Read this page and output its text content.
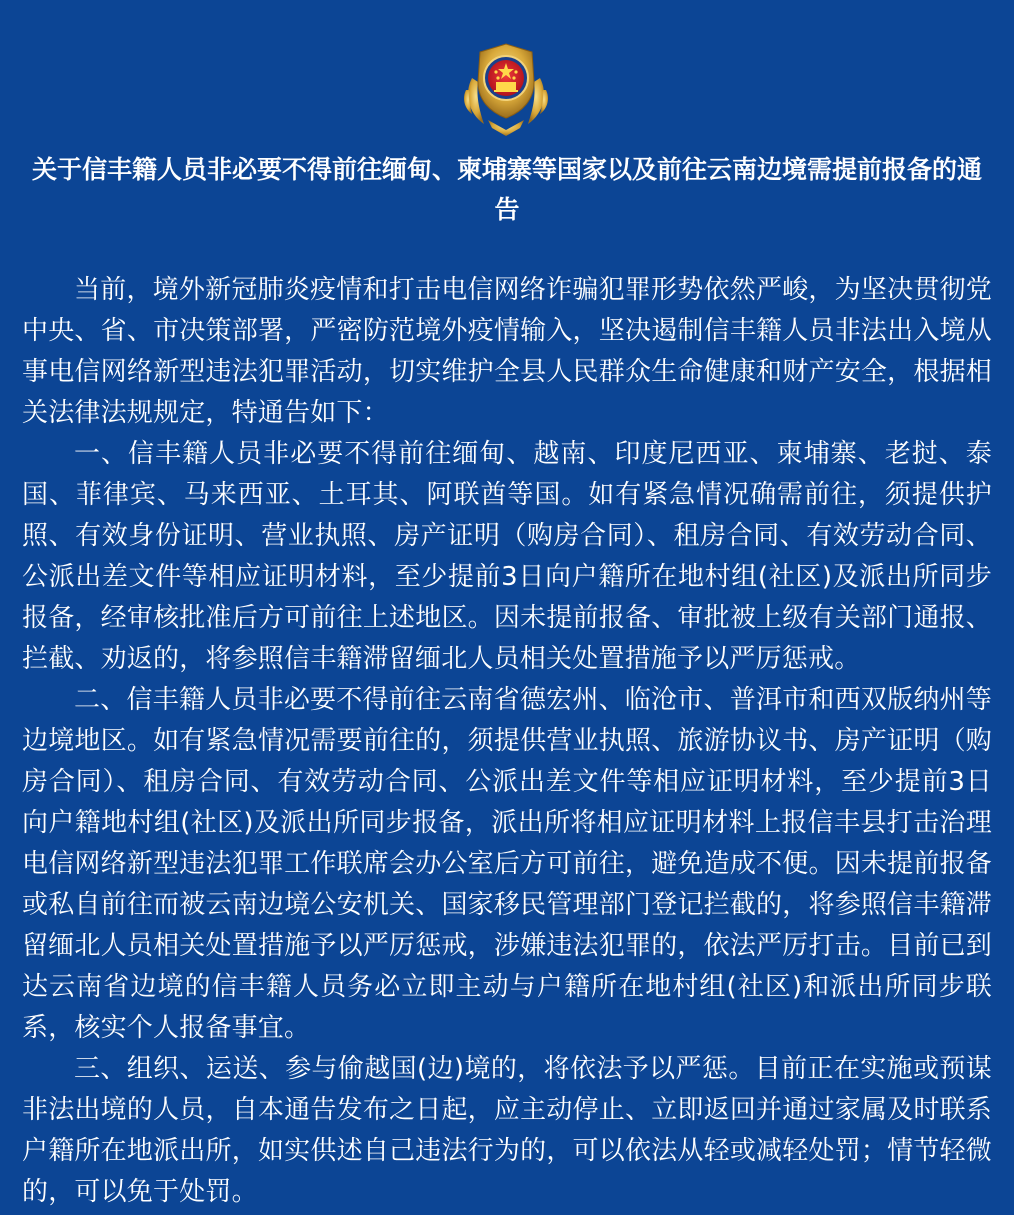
关于信丰籍人员非必要不得前往缅甸、柬埔寨等国家以及前往云南边境需提前报备的通告

当前，境外新冠肺炎疫情和打击电信网络诈骗犯罪形势依然严峻，为坚决贯彻党中央、省、市决策部署，严密防范境外疫情输入，坚决遏制信丰籍人员非法出入境从事电信网络新型违法犯罪活动，切实维护全县人民群众生命健康和财产安全，根据相关法律法规规定，特通告如下：

一、信丰籍人员非必要不得前往缅甸、越南、印度尼西亚、柬埔寨、老挝、泰国、菲律宾、马来西亚、土耳其、阿联酋等国。如有紧急情况确需前往，须提供护照、有效身份证明、营业执照、房产证明（购房合同）、租房合同、有效劳动合同、公派出差文件等相应证明材料，至少提前3日向户籍所在地村组(社区)及派出所同步报备，经审核批准后方可前往上述地区。因未提前报备、审批被上级有关部门通报、拦截、劝返的，将参照信丰籍滞留缅北人员相关处置措施予以严厉惩戒。

二、信丰籍人员非必要不得前往云南省德宏州、临沧市、普洱市和西双版纳州等边境地区。如有紧急情况需要前往的，须提供营业执照、旅游协议书、房产证明（购房合同）、租房合同、有效劳动合同、公派出差文件等相应证明材料，至少提前3日向户籍地村组(社区)及派出所同步报备，派出所将相应证明材料上报信丰县打击治理电信网络新型违法犯罪工作联席会办公室后方可前往，避免造成不便。因未提前报备或私自前往而被云南边境公安机关、国家移民管理部门登记拦截的，将参照信丰籍滞留缅北人员相关处置措施予以严厉惩戒，涉嫌违法犯罪的，依法严厉打击。目前已到达云南省边境的信丰籍人员务必立即主动与户籍所在地村组(社区)和派出所同步联系，核实个人报备事宜。

三、组织、运送、参与偷越国(边)境的，将依法予以严惩。目前正在实施或预谋非法出境的人员，自本通告发布之日起，应主动停止、立即返回并通过家属及时联系户籍所在地派出所，如实供述自己违法行为的，可以依法从轻或减轻处罚；情节轻微的，可以免于处罚。
